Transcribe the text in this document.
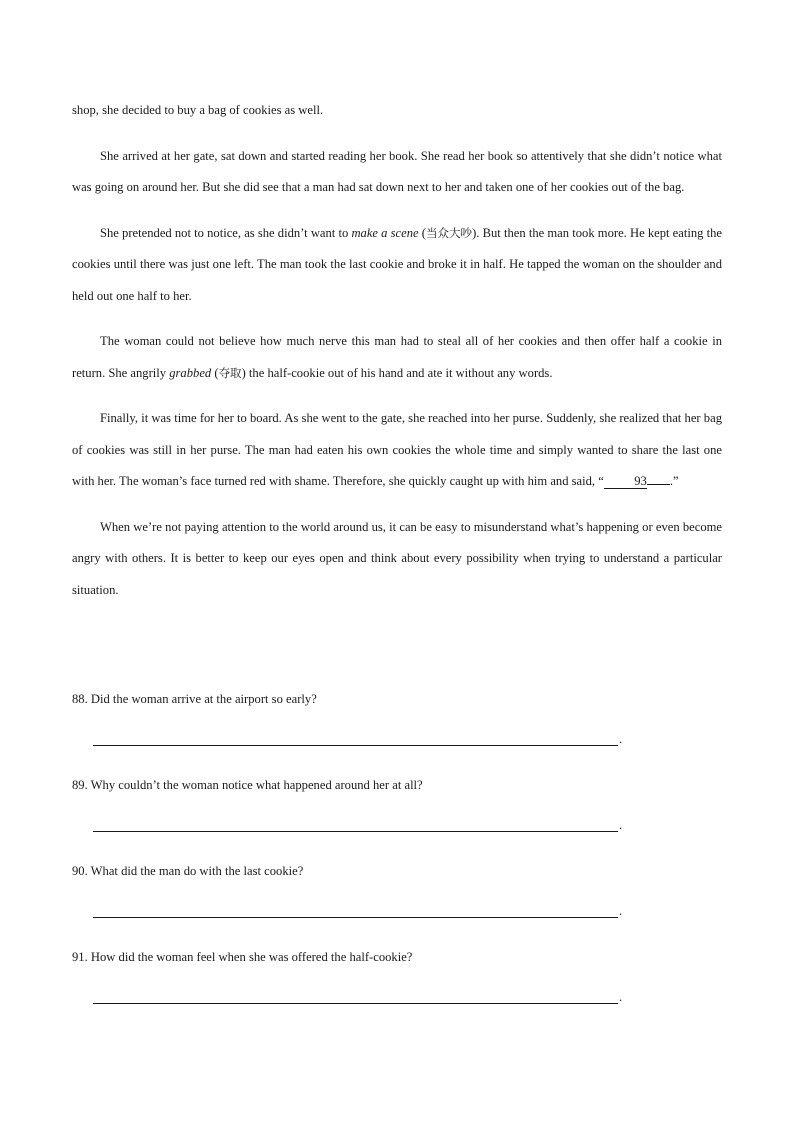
shop, she decided to buy a bag of cookies as well.

She arrived at her gate, sat down and started reading her book. She read her book so attentively that she didn’t notice what was going on around her. But she did see that a man had sat down next to her and taken one of her cookies out of the bag.

She pretended not to notice, as she didn’t want to make a scene (当众大吵). But then the man took more. He kept eating the cookies until there was just one left. The man took the last cookie and broke it in half. He tapped the woman on the shoulder and held out one half to her.

The woman could not believe how much nerve this man had to steal all of her cookies and then offer half a cookie in return. She angrily grabbed (夺取) the half-cookie out of his hand and ate it without any words.

Finally, it was time for her to board. As she went to the gate, she reached into her purse. Suddenly, she realized that her bag of cookies was still in her purse. The man had eaten his own cookies the whole time and simply wanted to share the last one with her. The woman’s face turned red with shame. Therefore, she quickly caught up with him and said, “ 93 .”

When we’re not paying attention to the world around us, it can be easy to misunderstand what’s happening or even become angry with others. It is better to keep our eyes open and think about every possibility when trying to understand a particular situation.

88. Did the woman arrive at the airport so early?
.
89. Why couldn’t the woman notice what happened around her at all?
.
90. What did the man do with the last cookie?
.
91. How did the woman feel when she was offered the half-cookie?
.
